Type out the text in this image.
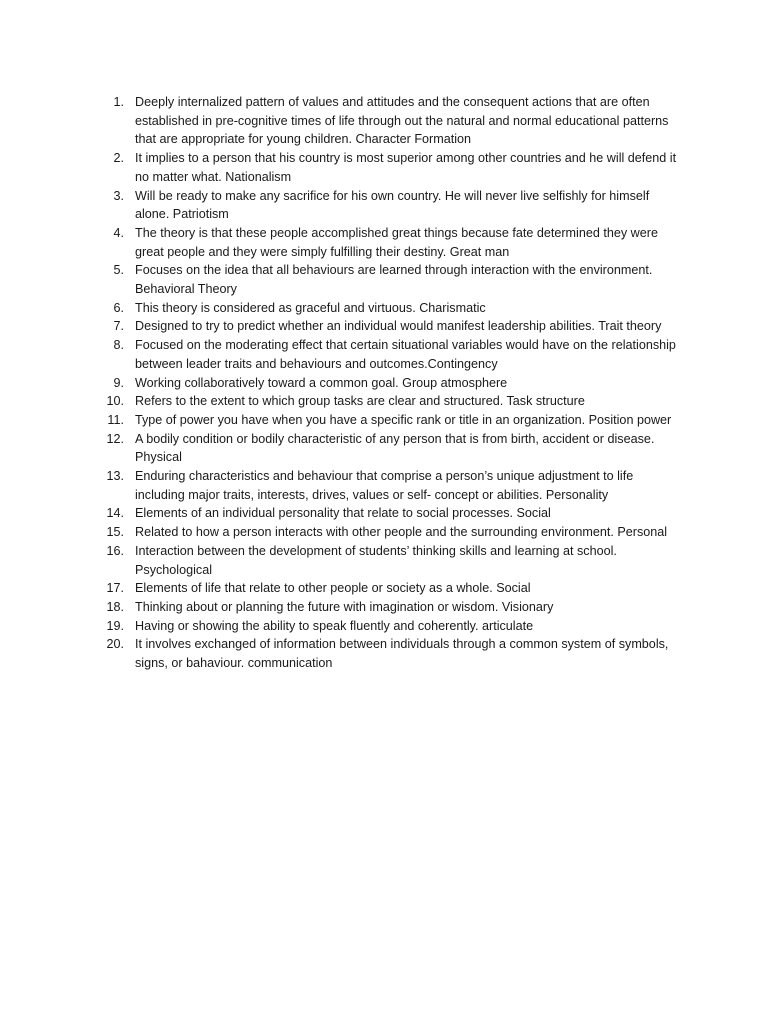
1. Deeply internalized pattern of values and attitudes and the consequent actions that are often established in pre-cognitive times of life through out the natural and normal educational patterns that are appropriate for young children. Character Formation
2. It implies to a person that his country is most superior among other countries and he will defend it no matter what. Nationalism
3. Will be ready to make any sacrifice for his own country. He will never live selfishly for himself alone. Patriotism
4. The theory is that these people accomplished great things because fate determined they were great people and they were simply fulfilling their destiny. Great man
5. Focuses on the idea that all behaviours are learned through interaction with the environment. Behavioral Theory
6. This theory is considered as graceful and virtuous. Charismatic
7. Designed to try to predict whether an individual would manifest leadership abilities. Trait theory
8. Focused on the moderating effect that certain situational variables would have on the relationship between leader traits and behaviours and outcomes.Contingency
9. Working collaboratively toward a common goal. Group atmosphere
10. Refers to the extent to which group tasks are clear and structured. Task structure
11. Type of power you have when you have a specific rank or title in an organization. Position power
12. A bodily condition or bodily characteristic of any person that is from birth, accident or disease. Physical
13. Enduring characteristics and behaviour that comprise a person’s unique adjustment to life including major traits, interests, drives, values or self- concept or abilities. Personality
14. Elements of an individual personality that relate to social processes. Social
15. Related to how a person interacts with other people and the surrounding environment. Personal
16. Interaction between the development of students’ thinking skills and learning at school. Psychological
17. Elements of life that relate to other people or society as a whole. Social
18. Thinking about or planning the future with imagination or wisdom. Visionary
19. Having or showing the ability to speak fluently and coherently. articulate
20. It involves exchanged of information between individuals through a common system of symbols, signs, or bahaviour. communication
